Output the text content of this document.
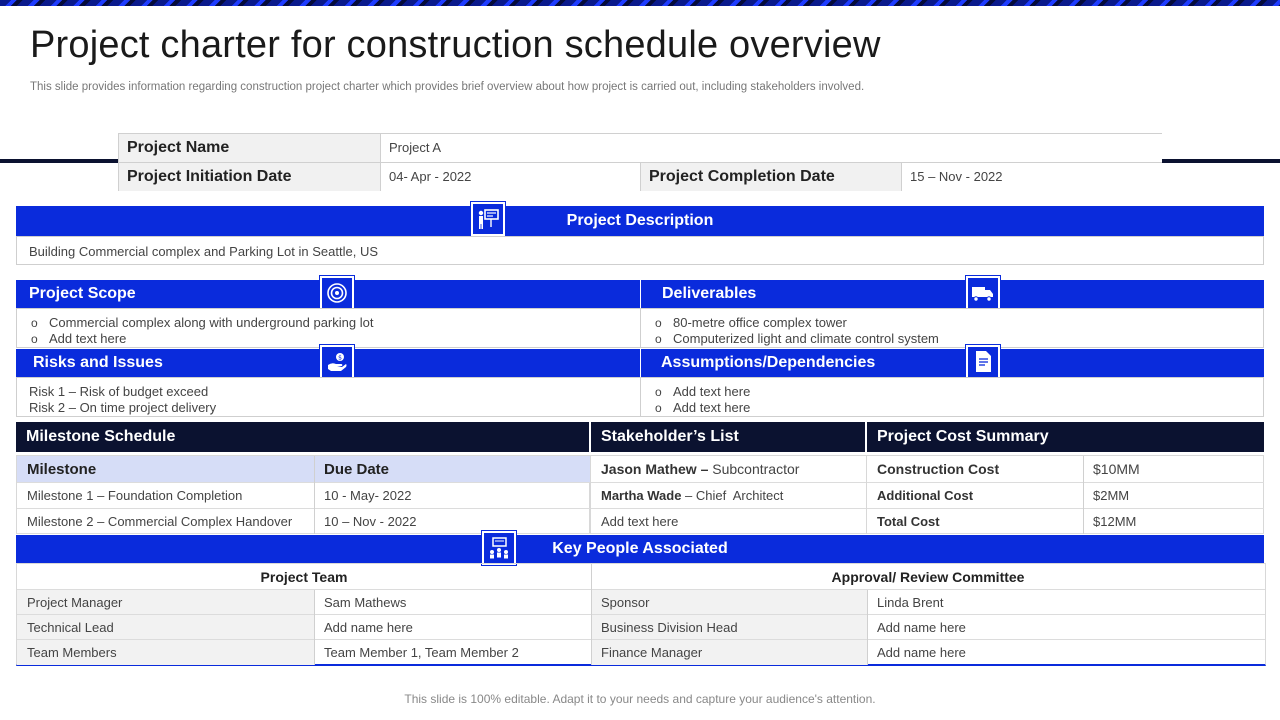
Project charter for construction schedule overview

This slide provides information regarding construction project charter which provides brief overview about how project is carried out, including stakeholders involved.

Project Name	Project A
Project Initiation Date	04- Apr - 2022	Project Completion Date	15 – Nov - 2022
Project Description
Building Commercial complex and Parking Lot in Seattle, US
Project Scope	Deliverables
o Commercial complex along with underground parking lot
o Add text here
o 80-metre office complex tower
o Computerized light and climate control system
Risks and Issues	$	Assumptions/Dependencies
Risk 1 – Risk of budget exceed
Risk 2 – On time project delivery
o Add text here
o Add text here
Milestone Schedule	Stakeholder’s List	Project Cost Summary
Milestone	Due Date
Milestone 1 – Foundation Completion	10 - May- 2022
Milestone 2 – Commercial Complex Handover	10 – Nov - 2022
Jason Mathew – Subcontractor
Martha Wade – Chief  Architect
Add text here
Construction Cost	$10MM
Additional Cost	$2MM
Total Cost	$12MM
Key People Associated
Project Team	Approval/ Review Committee
Project Manager	Sam Mathews
Technical Lead	Add name here
Team Members	Team Member 1, Team Member 2
Sponsor	Linda Brent
Business Division Head	Add name here
Finance Manager	Add name here
This slide is 100% editable. Adapt it to your needs and capture your audience's attention.
